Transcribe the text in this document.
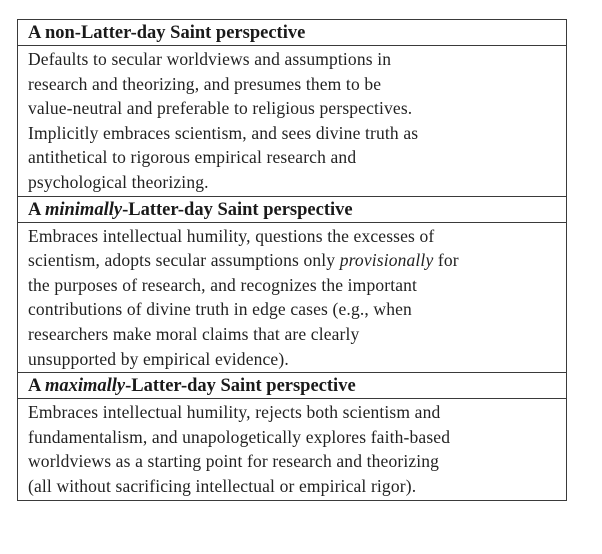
A non-Latter-day Saint perspective
Defaults to secular worldviews and assumptions in
research and theorizing, and presumes them to be
value-neutral and preferable to religious perspectives.
Implicitly embraces scientism, and sees divine truth as
antithetical to rigorous empirical research and
psychological theorizing.
A minimally-Latter-day Saint perspective
Embraces intellectual humility, questions the excesses of
scientism, adopts secular assumptions only provisionally for
the purposes of research, and recognizes the important
contributions of divine truth in edge cases (e.g., when
researchers make moral claims that are clearly
unsupported by empirical evidence).
A maximally-Latter-day Saint perspective
Embraces intellectual humility, rejects both scientism and
fundamentalism, and unapologetically explores faith-based
worldviews as a starting point for research and theorizing
(all without sacrificing intellectual or empirical rigor).
